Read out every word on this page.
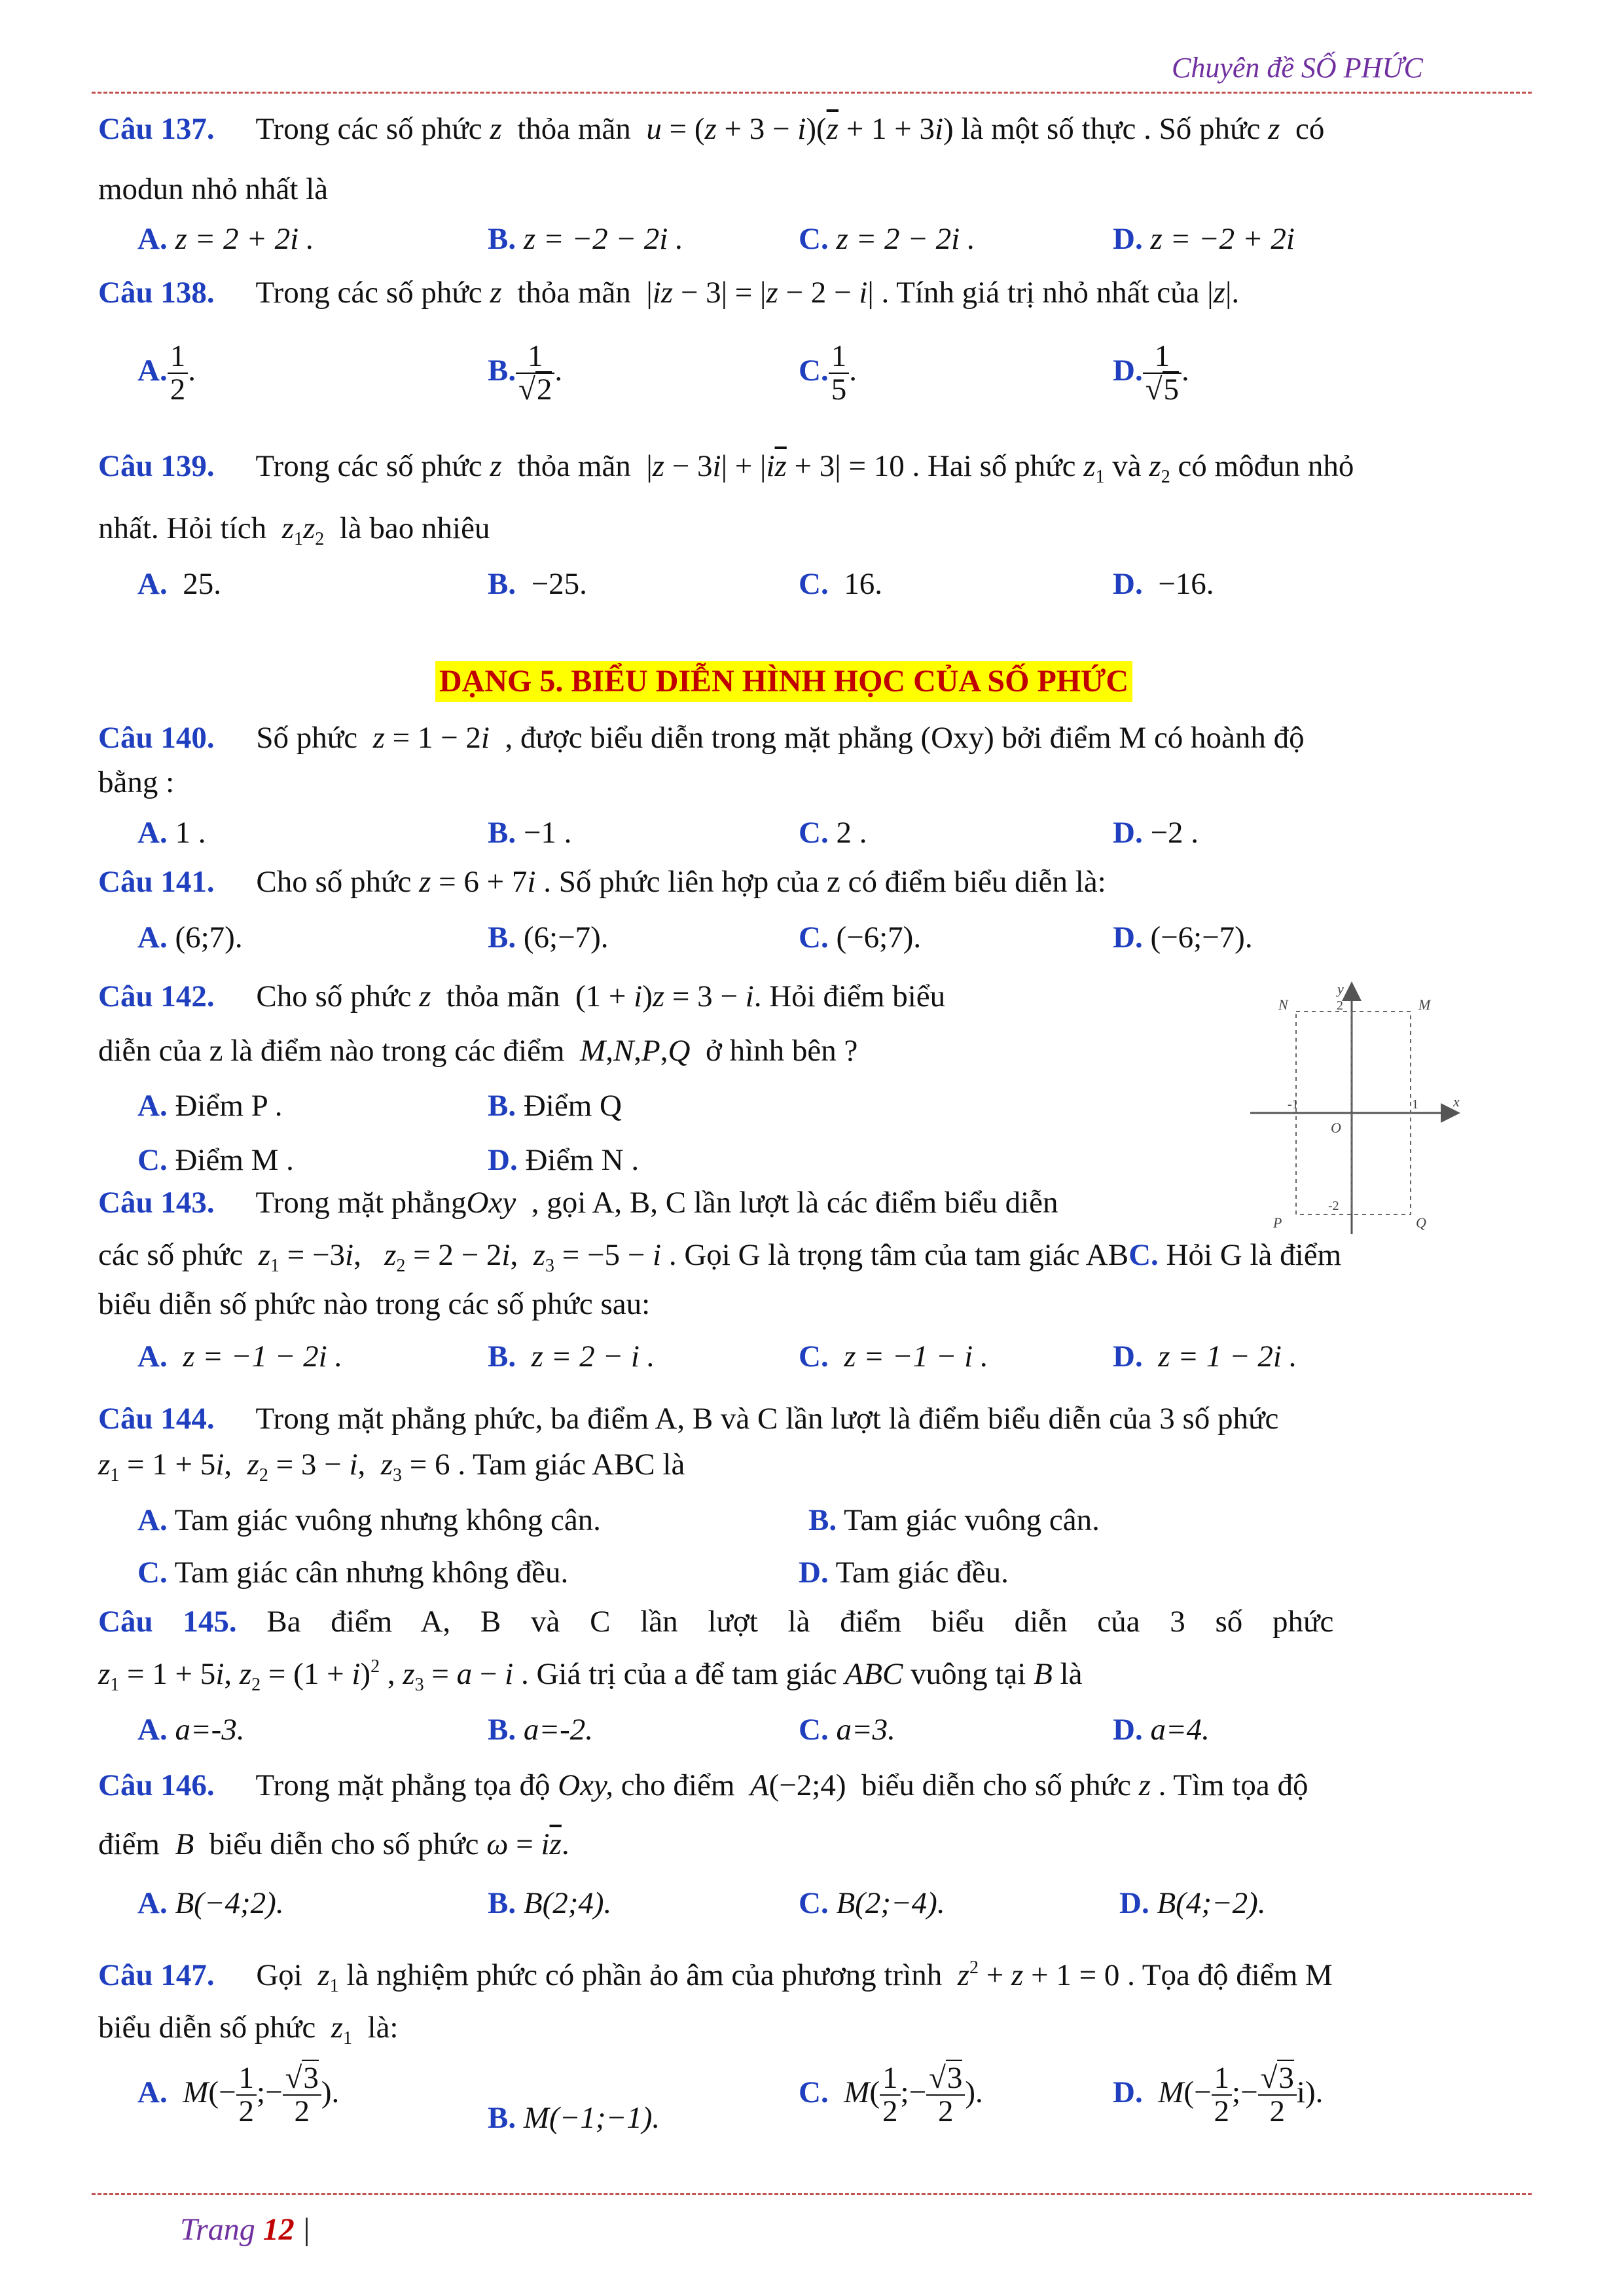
Chuyên đề SỐ PHỨC
Câu 137. Trong các số phức z thỏa mãn $u = (z + 3 - i)(\overline{z} + 1 + 3i)$ là một số thực . Số phức z có
modun nhỏ nhất là
A. z = 2 + 2i .	B. z = −2 − 2i .	C. z = 2 − 2i .	D. z = −2 + 2i
Câu 138. Trong các số phức z thỏa mãn  |iz − 3| = |z − 2 − i| . Tính giá trị nhỏ nhất của |z|.
A. $\frac{1}{2}$ .	B. $\frac{1}{√2}$ .	C. $\frac{1}{5}$ .	D. $\frac{1}{√5}$ .
Câu 139. Trong các số phức z thỏa mãn  $|z - 3i| + |i\overline{z} + 3| = 10$ . Hai số phức $z_1$ và $z_2$ có môđun nhỏ
nhất. Hỏi tích $z_1z_2$ là bao nhiêu
A. 25.	B. −25.	C. 16.	D. −16.
DẠNG 5. BIỂU DIỄN HÌNH HỌC CỦA SỐ PHỨC
Câu 140. Số phức z = 1 − 2i , được biểu diễn trong mặt phẳng (Oxy) bởi điểm M có hoành độ
bằng :
A. 1 .	B. −1 .	C. 2 .	D. −2 .
Câu 141. Cho số phức z = 6 + 7i . Số phức liên hợp của z có điểm biểu diễn là:
A. (6;7).	B. (6;−7).	C. (−6;7).	D. (−6;−7).
Câu 142. Cho số phức z thỏa mãn  (1 + i)z = 3 − i. Hỏi điểm biểu
diễn của z là điểm nào trong các điểm M,N,P,Q ở hình bên ?
A. Điểm P .	B. Điểm Q
C. Điểm M .	D. Điểm N .
x
y
O
N	M
P	Q
2
-2
1
-1
Câu 143. Trong mặt phẳngOxy , gọi A, B, C lần lượt là các điểm biểu diễn
các số phức $z_1 = -3i$,   $z_2 = 2 - 2i$,  $z_3 = -5 - i$ . Gọi G là trọng tâm của tam giác ABC. Hỏi G là điểm
biểu diễn số phức nào trong các số phức sau:
A. z = −1 − 2i .	B. z = 2 − i .	C. z = −1 − i .	D. z = 1 − 2i .
Câu 144. Trong mặt phẳng phức, ba điểm A, B và C lần lượt là điểm biểu diễn của 3 số phức
$z_1 = 1 + 5i$,  $z_2 = 3 - i$,  $z_3 = 6$ . Tam giác ABC là
A. Tam giác vuông nhưng không cân.	B. Tam giác vuông cân.
C. Tam giác cân nhưng không đều.	D. Tam giác đều.
Câu 145. Ba điểm A, B và C lần lượt là điểm biểu diễn của 3 số phức
$z_1 = 1 + 5i$, $z_2 = (1 + i)^2$ , $z_3 = a - i$ . Giá trị của a để tam giác ABC vuông tại B là
A. a=-3.	B. a=-2.	C. a=3.	D. a=4.
Câu 146. Trong mặt phẳng tọa độ Oxy, cho điểm A(−2;4)  biểu diễn cho số phức z . Tìm tọa độ
điểm B biểu diễn cho số phức $\omega = i\overline{z}$.
A. B(−4;2).	B. B(2;4).	C. B(2;−4).	D. B(4;−2).
Câu 147. Gọi $z_1$ là nghiệm phức có phần ảo âm của phương trình $z^2 + z + 1 = 0$ . Tọa độ điểm M
biểu diễn số phức $z_1$ là:
A. $M(- \frac{1}{2}$ ;− $\frac{√3}{2}$ ).
B. M(−1;−1).
C. $M( \frac{1}{2}$ ;− $\frac{√3}{2}$ ).	D. $M(- \frac{1}{2}$ ;− $\frac{√3}{2} i$).
Trang 12 |
